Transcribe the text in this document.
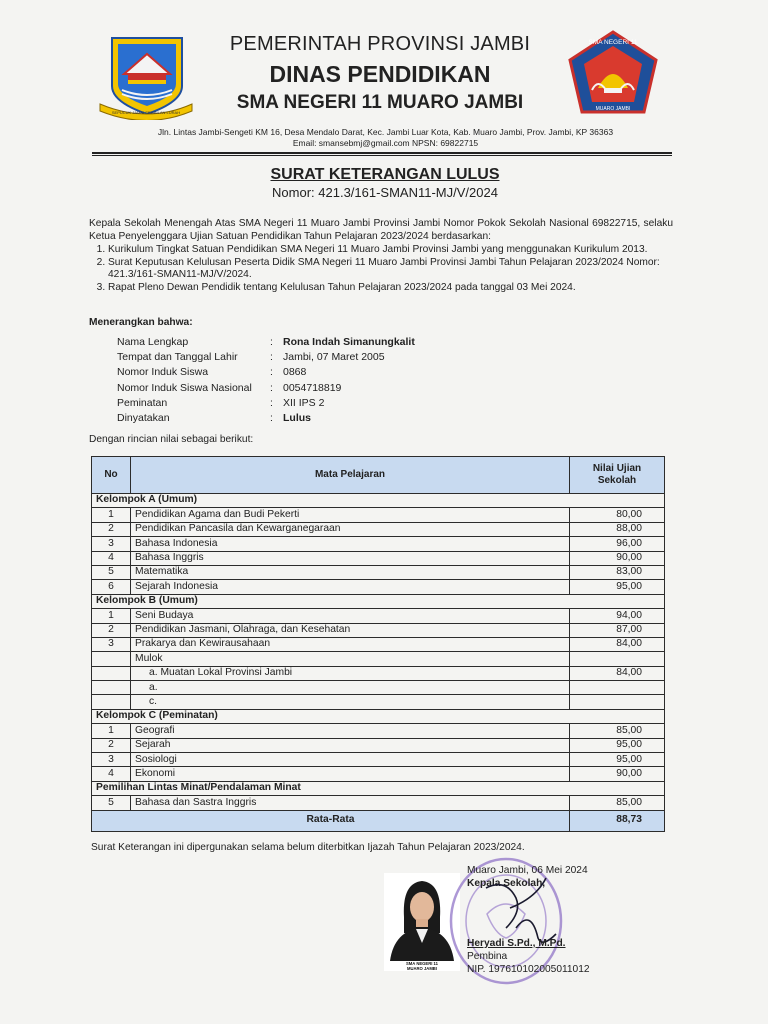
SEPUCUK JAMBI SEMBILAN LURAH
PEMERINTAH PROVINSI JAMBI
DINAS PENDIDIKAN
SMA NEGERI 11 MUARO JAMBI
SMA NEGERI 11
MUARO JAMBI
Jln. Lintas Jambi-Sengeti KM 16, Desa Mendalo Darat, Kec. Jambi Luar Kota, Kab. Muaro Jambi, Prov. Jambi, KP 36363
Email: smansebmj@gmail.com NPSN: 69822715
SURAT KETERANGAN LULUS
Nomor: 421.3/161-SMAN11-MJ/V/2024
Kepala Sekolah Menengah Atas SMA Negeri 11 Muaro Jambi Provinsi Jambi Nomor Pokok Sekolah Nasional 69822715, selaku Ketua Penyelenggara Ujian Satuan Pendidikan Tahun Pelajaran 2023/2024 berdasarkan:
1. Kurikulum Tingkat Satuan Pendidikan SMA Negeri 11 Muaro Jambi Provinsi Jambi yang menggunakan Kurikulum 2013.
2. Surat Keputusan Kelulusan Peserta Didik SMA Negeri 11 Muaro Jambi Provinsi Jambi Tahun Pelajaran 2023/2024 Nomor: 421.3/161-SMAN11-MJ/V/2024.
3. Rapat Pleno Dewan Pendidik tentang Kelulusan Tahun Pelajaran 2023/2024 pada tanggal 03 Mei 2024.
Menerangkan bahwa:
Nama Lengkap	:	Rona Indah Simanungkalit
Tempat dan Tanggal Lahir	:	Jambi, 07 Maret 2005
Nomor Induk Siswa	:	0868
Nomor Induk Siswa Nasional	:	0054718819
Peminatan	:	XII IPS 2
Dinyatakan	:	Lulus
Dengan rincian nilai sebagai berikut:
No	Mata Pelajaran	Nilai Ujian Sekolah
Kelompok A (Umum)		
1	Pendidikan Agama dan Budi Pekerti	80,00
2	Pendidikan Pancasila dan Kewarganegaraan	88,00
3	Bahasa Indonesia	96,00
4	Bahasa Inggris	90,00
5	Matematika	83,00
6	Sejarah Indonesia	95,00
Kelompok B (Umum)		
1	Seni Budaya	94,00
2	Pendidikan Jasmani, Olahraga, dan Kesehatan	87,00
3	Prakarya dan Kewirausahaan	84,00
	Mulok	
	a. Muatan Lokal Provinsi Jambi	84,00
	a.	
	c.	
Kelompok C (Peminatan)		
1	Geografi	85,00
2	Sejarah	95,00
3	Sosiologi	95,00
4	Ekonomi	90,00
Pemilihan Lintas Minat/Pendalaman Minat		
5	Bahasa dan Sastra Inggris	85,00
Rata-Rata		88,73
Surat Keterangan ini dipergunakan selama belum diterbitkan Ijazah Tahun Pelajaran 2023/2024.
SMA NEGERI 11
MUARO JAMBI
Muaro Jambi, 06 Mei 2024
Kepala Sekolah,
Heryadi S.Pd., M.Pd.
Pembina
NIP. 197610102005011012
